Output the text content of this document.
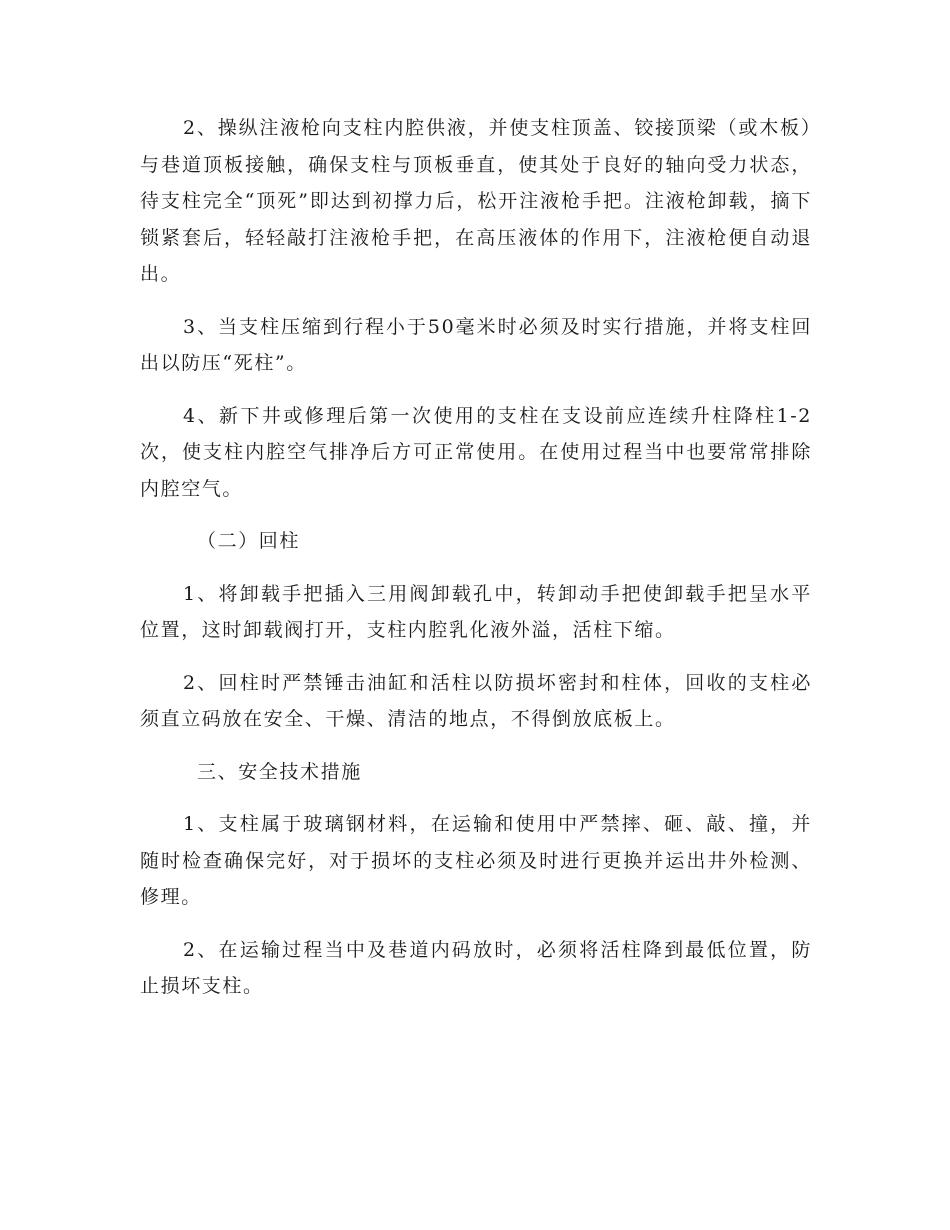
2、操纵注液枪向支柱内腔供液，并使支柱顶盖、铰接顶梁（或木板）与巷道顶板接触，确保支柱与顶板垂直，使其处于良好的轴向受力状态，待支柱完全“顶死”即达到初撑力后，松开注液枪手把。注液枪卸载，摘下锁紧套后，轻轻敲打注液枪手把，在高压液体的作用下，注液枪便自动退出。

3、当支柱压缩到行程小于50毫米时必须及时实行措施，并将支柱回出以防压“死柱”。

4、新下井或修理后第一次使用的支柱在支设前应连续升柱降柱1-2次，使支柱内腔空气排净后方可正常使用。在使用过程当中也要常常排除内腔空气。

（二）回柱

1、将卸载手把插入三用阀卸载孔中，转卸动手把使卸载手把呈水平位置，这时卸载阀打开，支柱内腔乳化液外溢，活柱下缩。

2、回柱时严禁锤击油缸和活柱以防损坏密封和柱体，回收的支柱必须直立码放在安全、干燥、清洁的地点，不得倒放底板上。

三、安全技术措施

1、支柱属于玻璃钢材料，在运输和使用中严禁摔、砸、敲、撞，并随时检查确保完好，对于损坏的支柱必须及时进行更换并运出井外检测、修理。

2、在运输过程当中及巷道内码放时，必须将活柱降到最低位置，防止损坏支柱。
